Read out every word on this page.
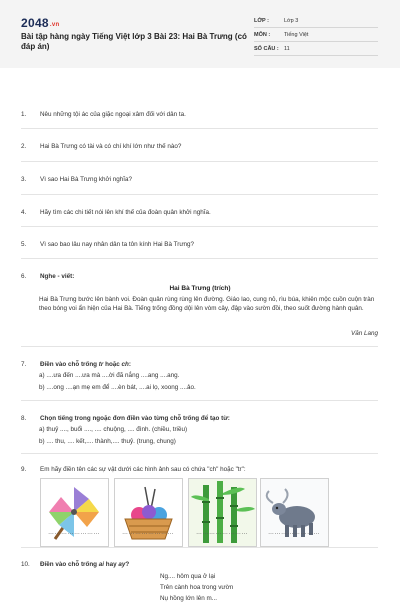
2048.vn
Bài tập hàng ngày Tiếng Việt lớp 3 Bài 23: Hai Bà Trưng (có đáp án)
LỚP :	Lớp 3
MÔN :	Tiếng Việt
SỐ CÂU : 11
1. Nêu những tội ác của giặc ngoại xâm đối với dân ta.
2. Hai Bà Trưng có tài và có chí khí lớn như thế nào?
3. Vì sao Hai Bà Trưng khởi nghĩa?
4. Hãy tìm các chi tiết nói lên khí thế của đoàn quân khởi nghĩa.
5. Vì sao bao lâu nay nhân dân ta tôn kính Hai Bà Trưng?
6. Nghe - viết:
Hai Bà Trưng (trích)
Hai Bà Trưng bước lên bành voi. Đoàn quân rùng rùng lên đường. Giáo lao, cung nỏ, rìu búa, khiên mộc cuồn cuộn tràn theo bóng voi ẩn hiện của Hai Bà. Tiếng trống đồng dội lên vòm cây, đập vào sườn đồi, theo suốt đường hành quân.
Văn Lang
7. Điền vào chỗ trống tr hoặc ch:
a) ....ưa đến ....ưa mà ....ời đã nắng ....ang ....ang.
b) ....ong ....ạn mẹ em để ....èn bát, ....ai lọ, xoong ....ảo.
8. Chọn tiếng trong ngoặc đơn điền vào từng chỗ trống để tạo từ:
a) thuỷ ...., buổi ...., .... chuộng, .... đình. (chiều, triều)
b) .... thu, .... kết,.... thành,.... thuỷ. (trung, chung)
9. Em hãy điền tên các sự vật dưới các hình ảnh sau có chứa "ch" hoặc "tr":
……………………	……………………	……………………	……………………
10. Điền vào chỗ trống ai hay ay?
Ng.... hôm qua ở lại
Trên cành hoa trong vườn
Nụ hồng lớn lên m...
